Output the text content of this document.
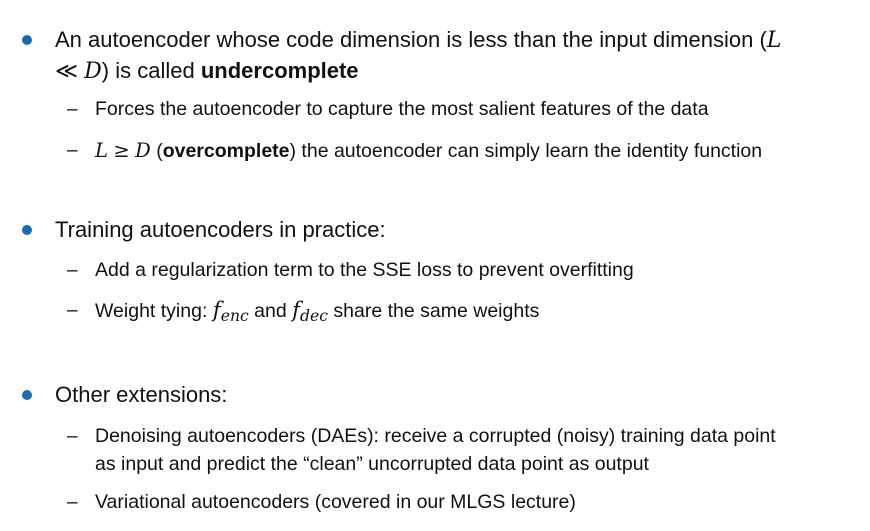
An autoencoder whose code dimension is less than the input dimension (L
≪ D) is called undercomplete
– Forces the autoencoder to capture the most salient features of the data
– L ≥ D (overcomplete) the autoencoder can simply learn the identity function
Training autoencoders in practice:
– Add a regularization term to the SSE loss to prevent overfitting
– Weight tying: $f_{enc}$ and $f_{dec}$ share the same weights
Other extensions:
– Denoising autoencoders (DAEs): receive a corrupted (noisy) training data point
as input and predict the “clean” uncorrupted data point as output
– Variational autoencoders (covered in our MLGS lecture)
